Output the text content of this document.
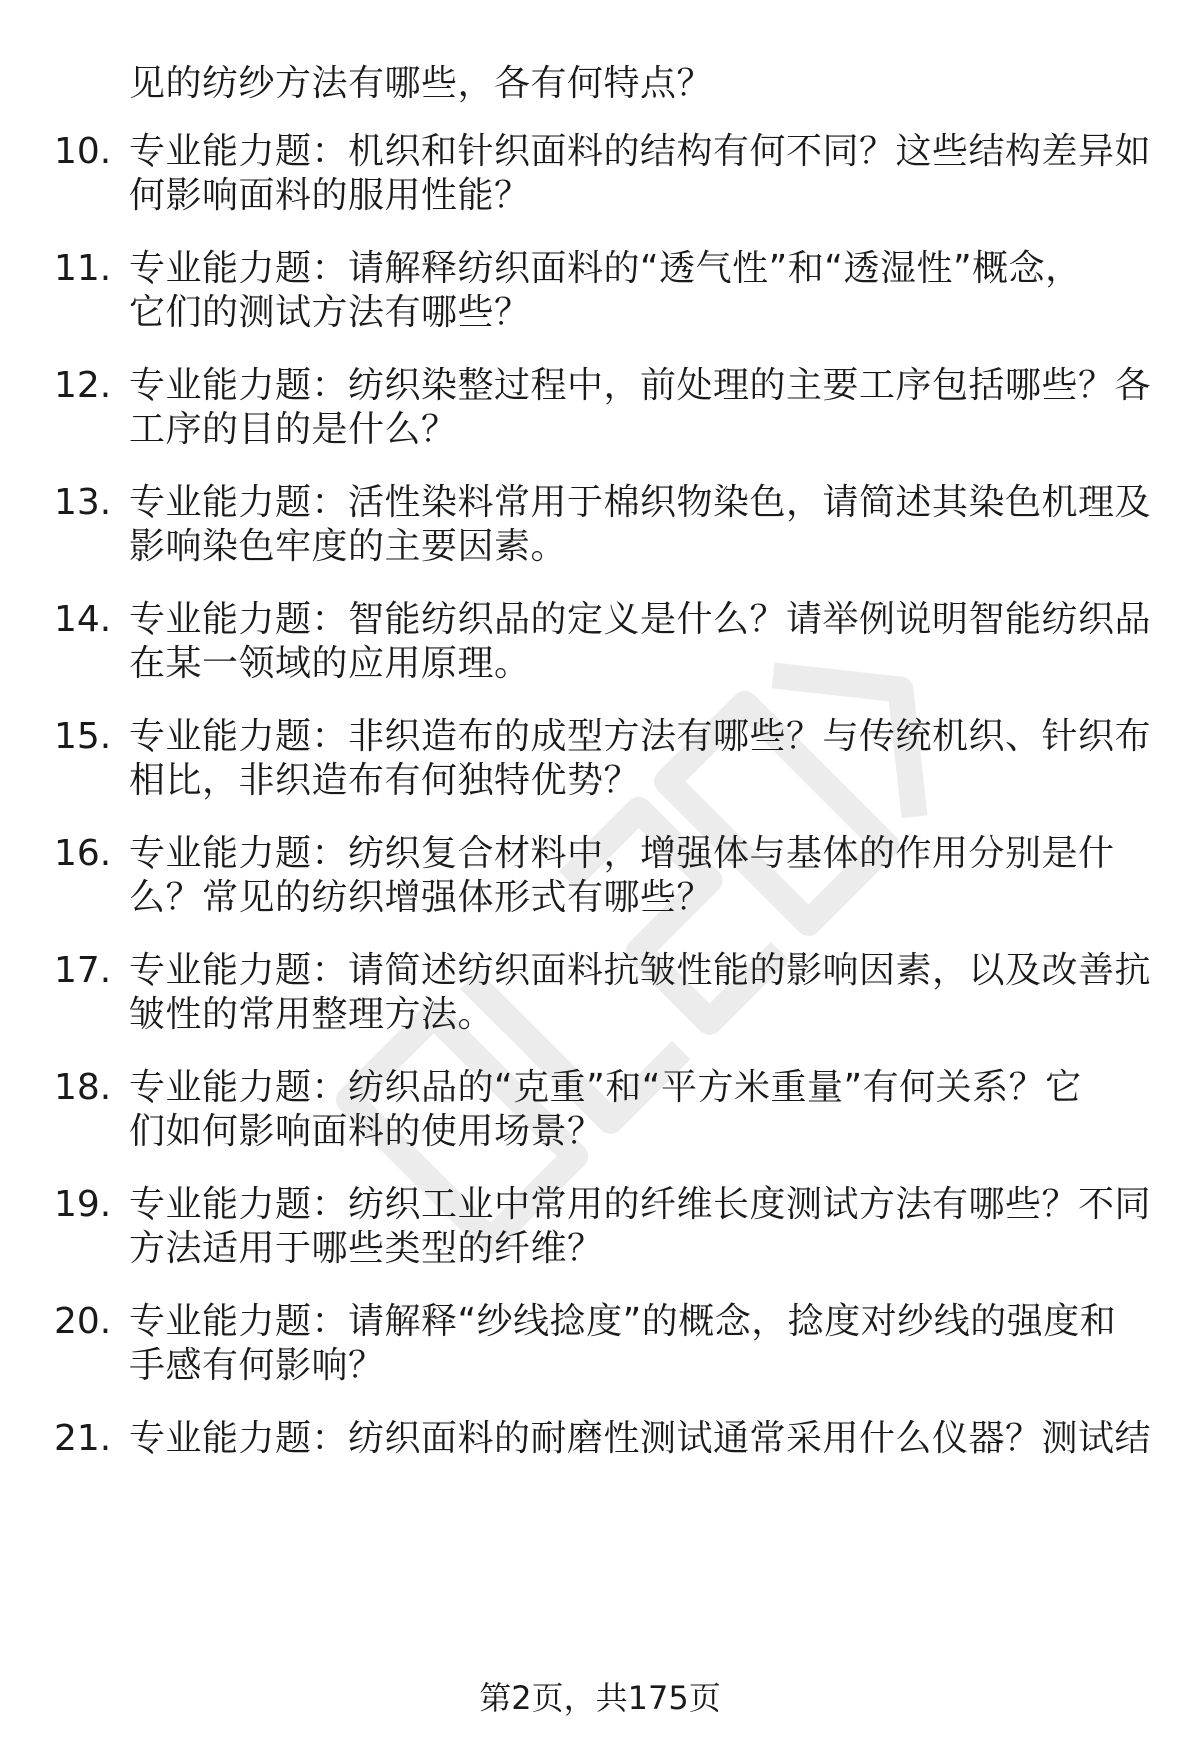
见的纺纱方法有哪些，各有何特点？
10. 专业能力题：机织和针织面料的结构有何不同？这些结构差异如
何影响面料的服用性能？
11. 专业能力题：请解释纺织面料的“透气性”和“透湿性”概念，
它们的测试方法有哪些？
12. 专业能力题：纺织染整过程中，前处理的主要工序包括哪些？各
工序的目的是什么？
13. 专业能力题：活性染料常用于棉织物染色，请简述其染色机理及
影响染色牢度的主要因素。
14. 专业能力题：智能纺织品的定义是什么？请举例说明智能纺织品
在某一领域的应用原理。
15. 专业能力题：非织造布的成型方法有哪些？与传统机织、针织布
相比，非织造布有何独特优势？
16. 专业能力题：纺织复合材料中，增强体与基体的作用分别是什
么？常见的纺织增强体形式有哪些？
17. 专业能力题：请简述纺织面料抗皱性能的影响因素，以及改善抗
皱性的常用整理方法。
18. 专业能力题：纺织品的“克重”和“平方米重量”有何关系？它
们如何影响面料的使用场景？
19. 专业能力题：纺织工业中常用的纤维长度测试方法有哪些？不同
方法适用于哪些类型的纤维？
20. 专业能力题：请解释“纱线捻度”的概念，捻度对纱线的强度和
手感有何影响？
21. 专业能力题：纺织面料的耐磨性测试通常采用什么仪器？测试结
第2页，共175页
